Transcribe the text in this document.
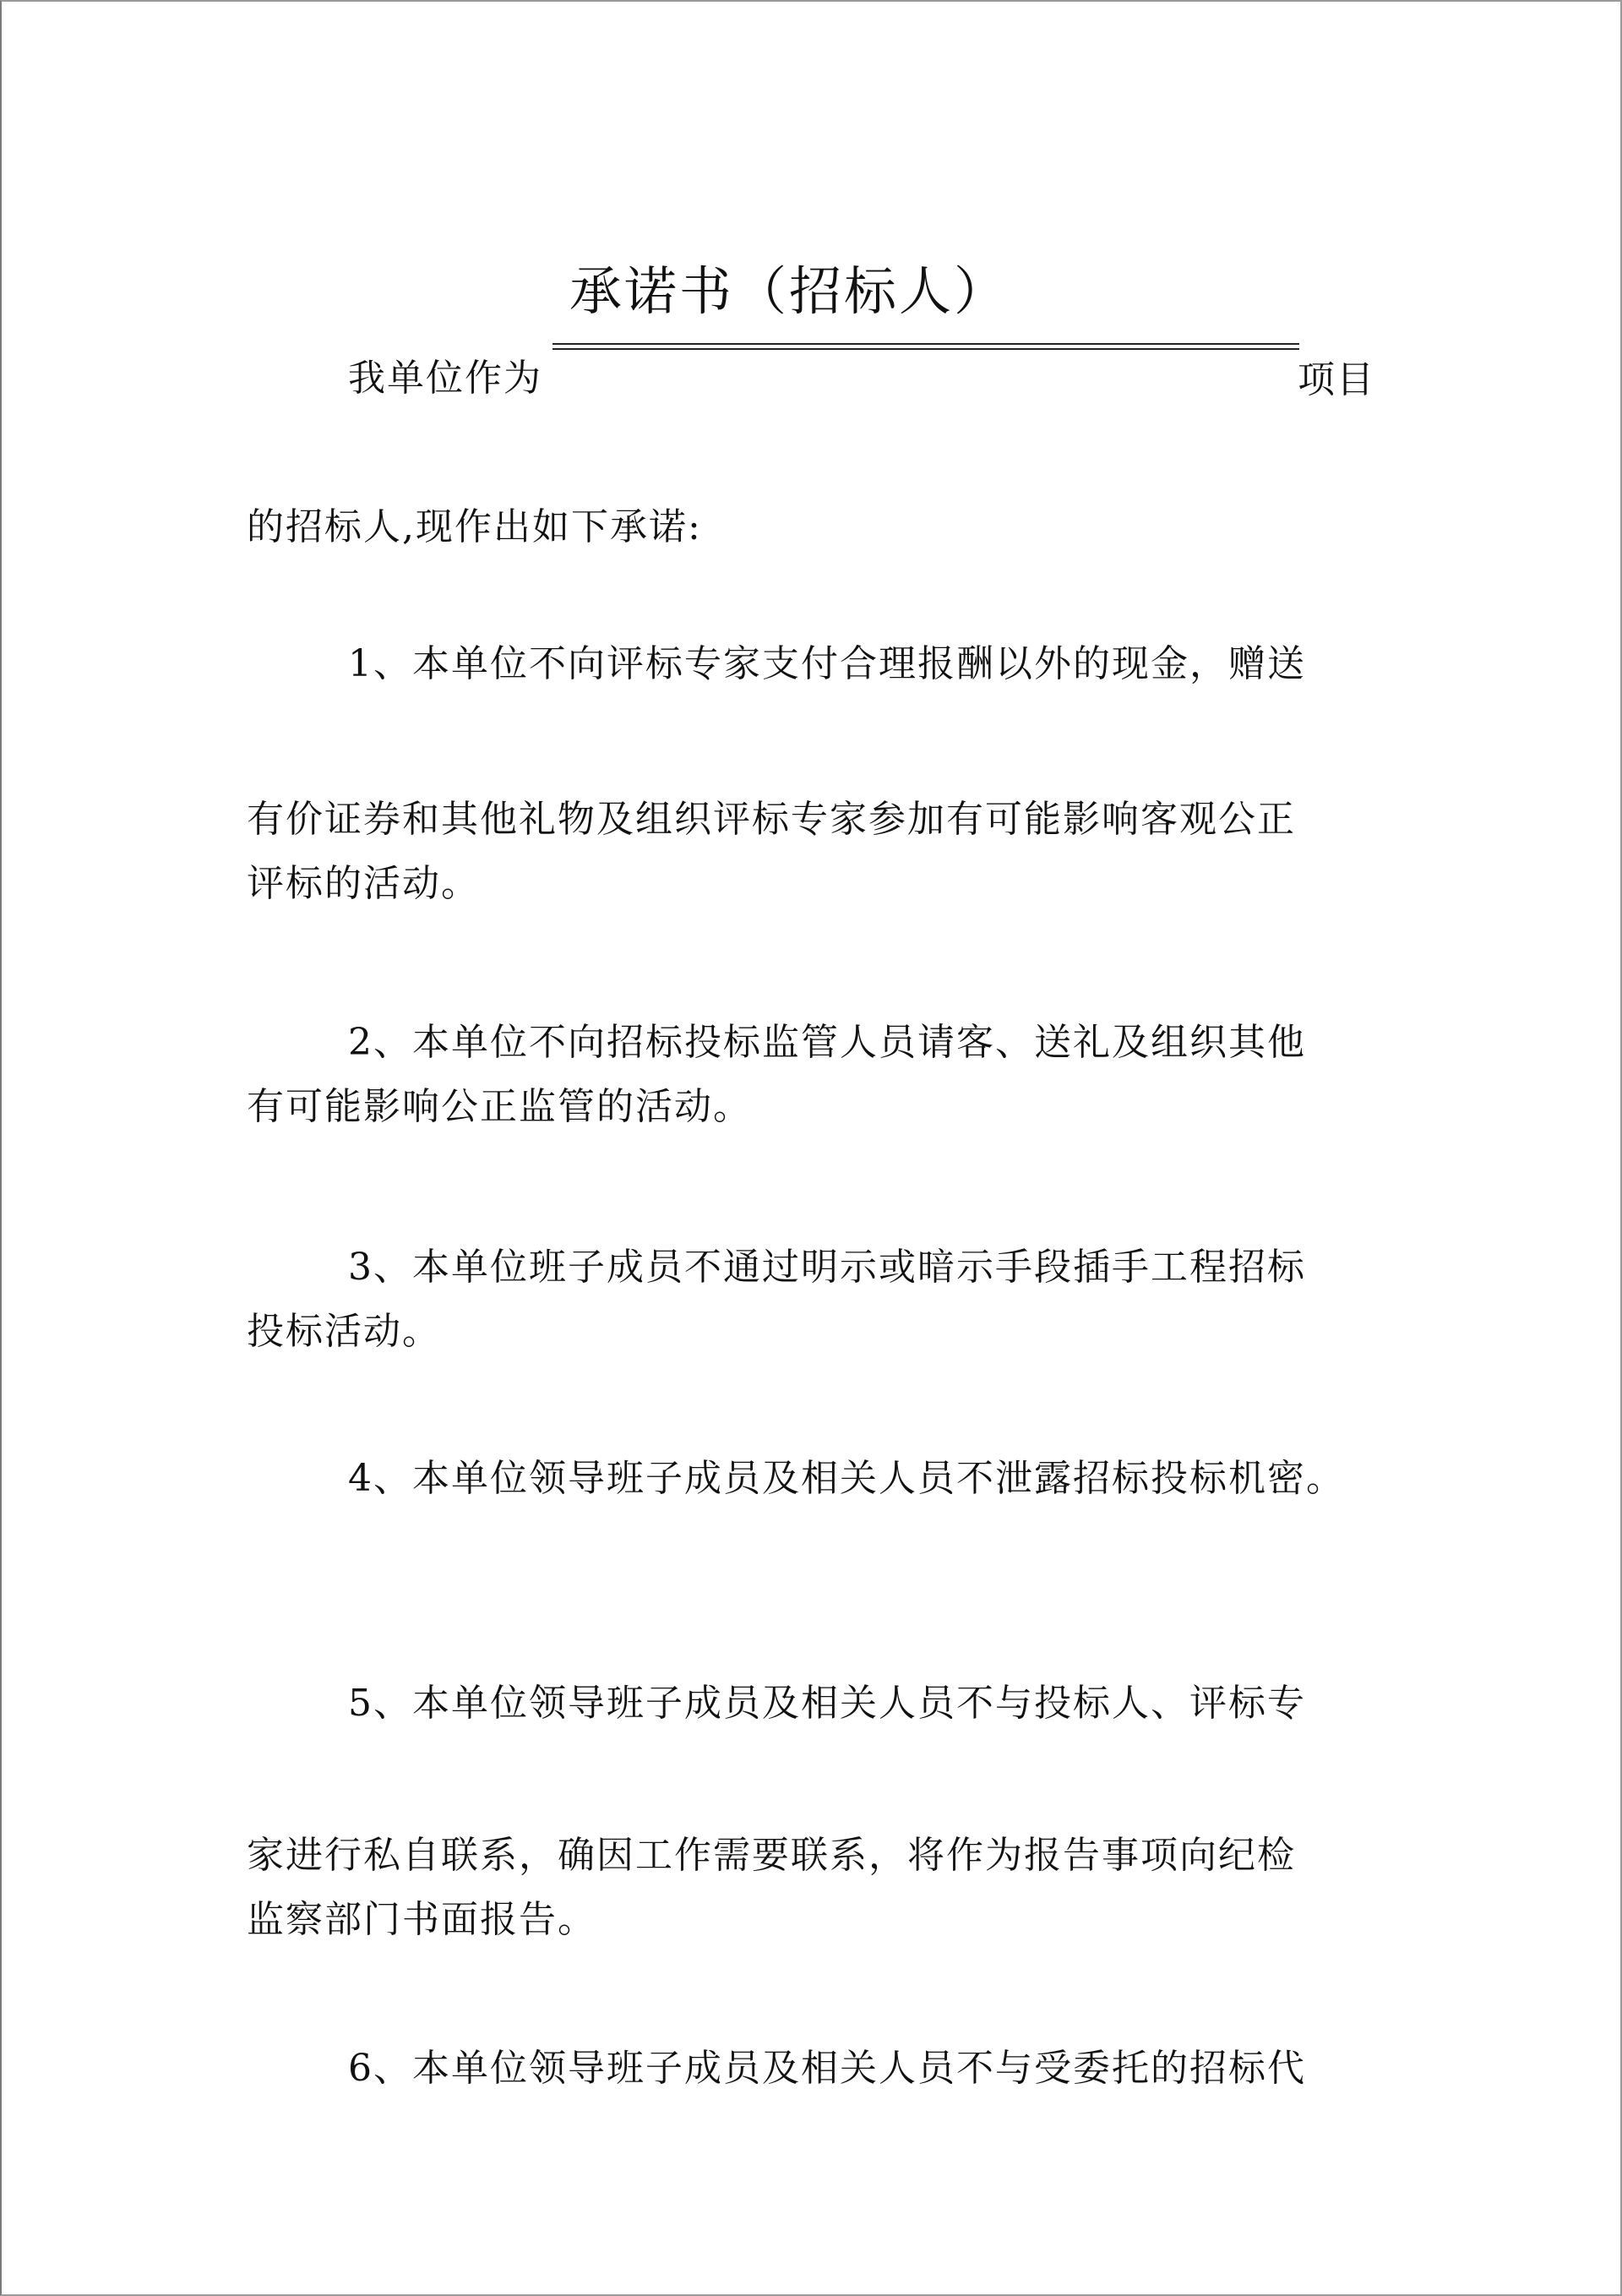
承诺书（招标人）
我单位作为	项目
的招标人,现作出如下承诺:
1、本单位不向评标专家支付合理报酬以外的现金，赠送
有价证券和其他礼物及组织评标专家参加有可能影响客观公正
评标的活动。
2、本单位不向招标投标监管人员请客、送礼及组织其他
有可能影响公正监管的活动。
3、本单位班子成员不通过明示或暗示手段插手工程招标
投标活动。
4、本单位领导班子成员及相关人员不泄露招标投标机密。
5、本单位领导班子成员及相关人员不与投标人、评标专
家进行私自联系，确因工作需要联系，将作为报告事项向纪检
监察部门书面报告。
6、本单位领导班子成员及相关人员不与受委托的招标代
